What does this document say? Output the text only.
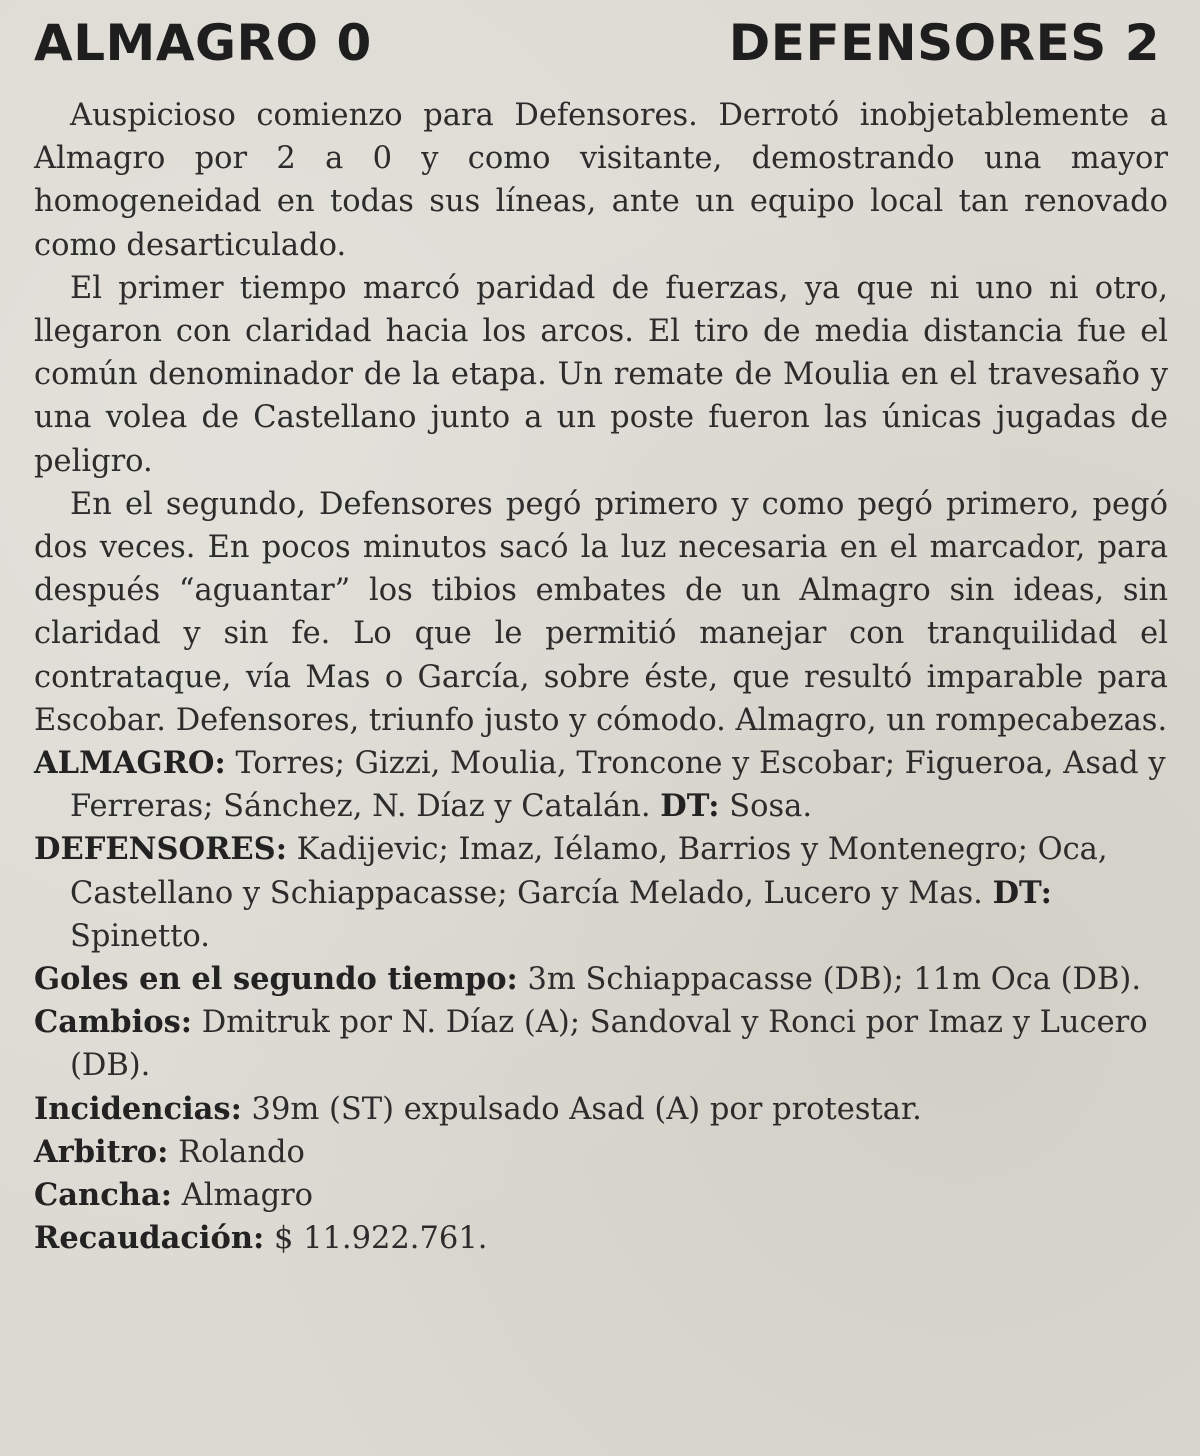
ALMAGRO 0	DEFENSORES 2

Auspicioso comienzo para Defensores. Derrotó inobjetablemente a Almagro por 2 a 0 y como visitante, demostrando una mayor homogeneidad en todas sus líneas, ante un equipo local tan renovado como desarticulado.

El primer tiempo marcó paridad de fuerzas, ya que ni uno ni otro, llegaron con claridad hacia los arcos. El tiro de media distancia fue el común denominador de la etapa. Un remate de Moulia en el travesaño y una volea de Castellano junto a un poste fueron las únicas jugadas de peligro.

En el segundo, Defensores pegó primero y como pegó primero, pegó dos veces. En pocos minutos sacó la luz necesaria en el marcador, para después “aguantar” los tibios embates de un Almagro sin ideas, sin claridad y sin fe. Lo que le permitió manejar con tranquilidad el contrataque, vía Mas o García, sobre éste, que resultó imparable para Escobar. Defensores, triunfo justo y cómodo. Almagro, un rompecabezas.

ALMAGRO: Torres; Gizzi, Moulia, Troncone y Escobar; Figueroa, Asad y Ferreras; Sánchez, N. Díaz y Catalán. DT: Sosa.

DEFENSORES: Kadijevic; Imaz, Iélamo, Barrios y Montenegro; Oca, Castellano y Schiappacasse; García Melado, Lucero y Mas. DT: Spinetto.

Goles en el segundo tiempo: 3m Schiappacasse (DB); 11m Oca (DB).

Cambios: Dmitruk por N. Díaz (A); Sandoval y Ronci por Imaz y Lucero (DB).

Incidencias: 39m (ST) expulsado Asad (A) por protestar.

Arbitro: Rolando

Cancha: Almagro

Recaudación: $ 11.922.761.
